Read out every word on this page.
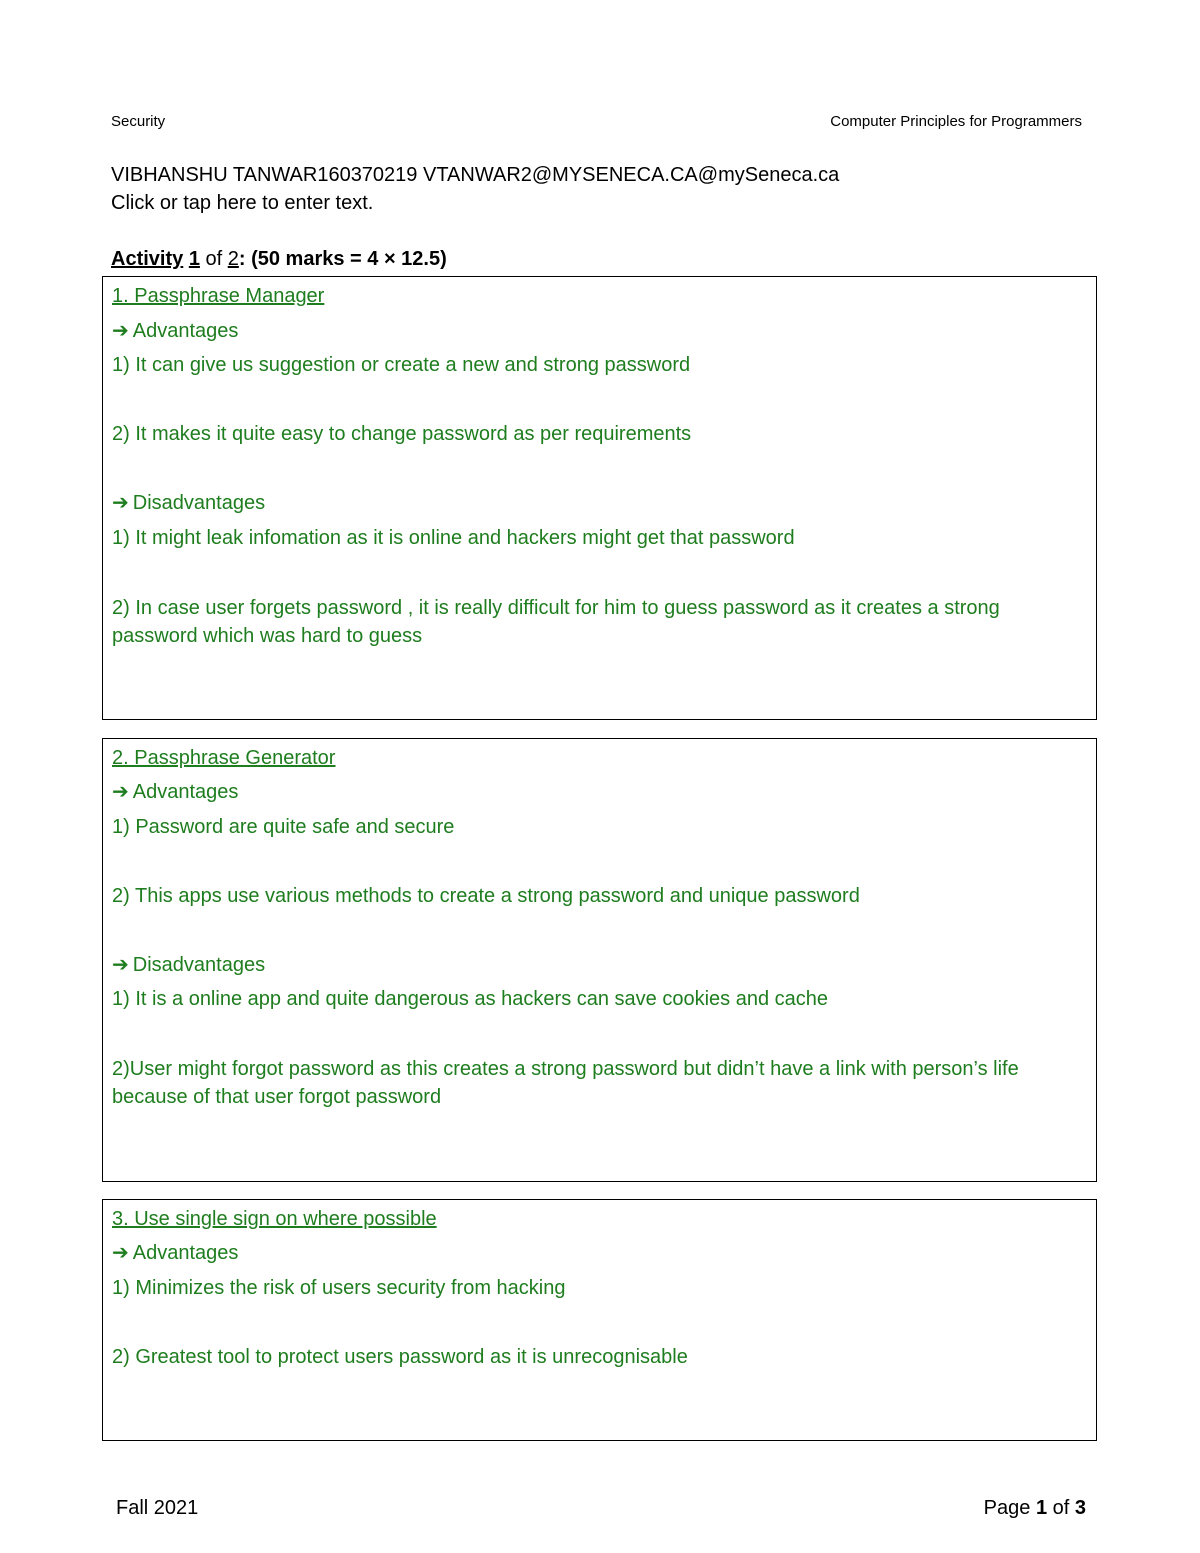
Security	Computer Principles for Programmers
VIBHANSHU TANWAR160370219 VTANWAR2@MYSENECA.CA@mySeneca.ca
Click or tap here to enter text.
Activity 1 of 2: (50 marks = 4 × 12.5)
1. Passphrase Manager
➔ Advantages
1) It can give us suggestion or create a new and strong password
2) It makes it quite easy to change password as per requirements
➔ Disadvantages
1) It might leak infomation as it is online and hackers might get that password
2) In case user forgets password , it is really difficult for him to guess password as it creates a strong password which was hard to guess
2. Passphrase Generator
➔ Advantages
1) Password are quite safe and secure
2) This apps use various methods to create a strong password and unique password
➔ Disadvantages
1) It is a online app and quite dangerous as hackers can save cookies and cache
2)User might forgot password as this creates a strong password but didn’t have a link with person’s life because of that user forgot password
3. Use single sign on where possible
➔ Advantages
1) Minimizes the risk of users security from hacking
2) Greatest tool to protect users password as it is unrecognisable
Fall 2021	Page 1 of 3
